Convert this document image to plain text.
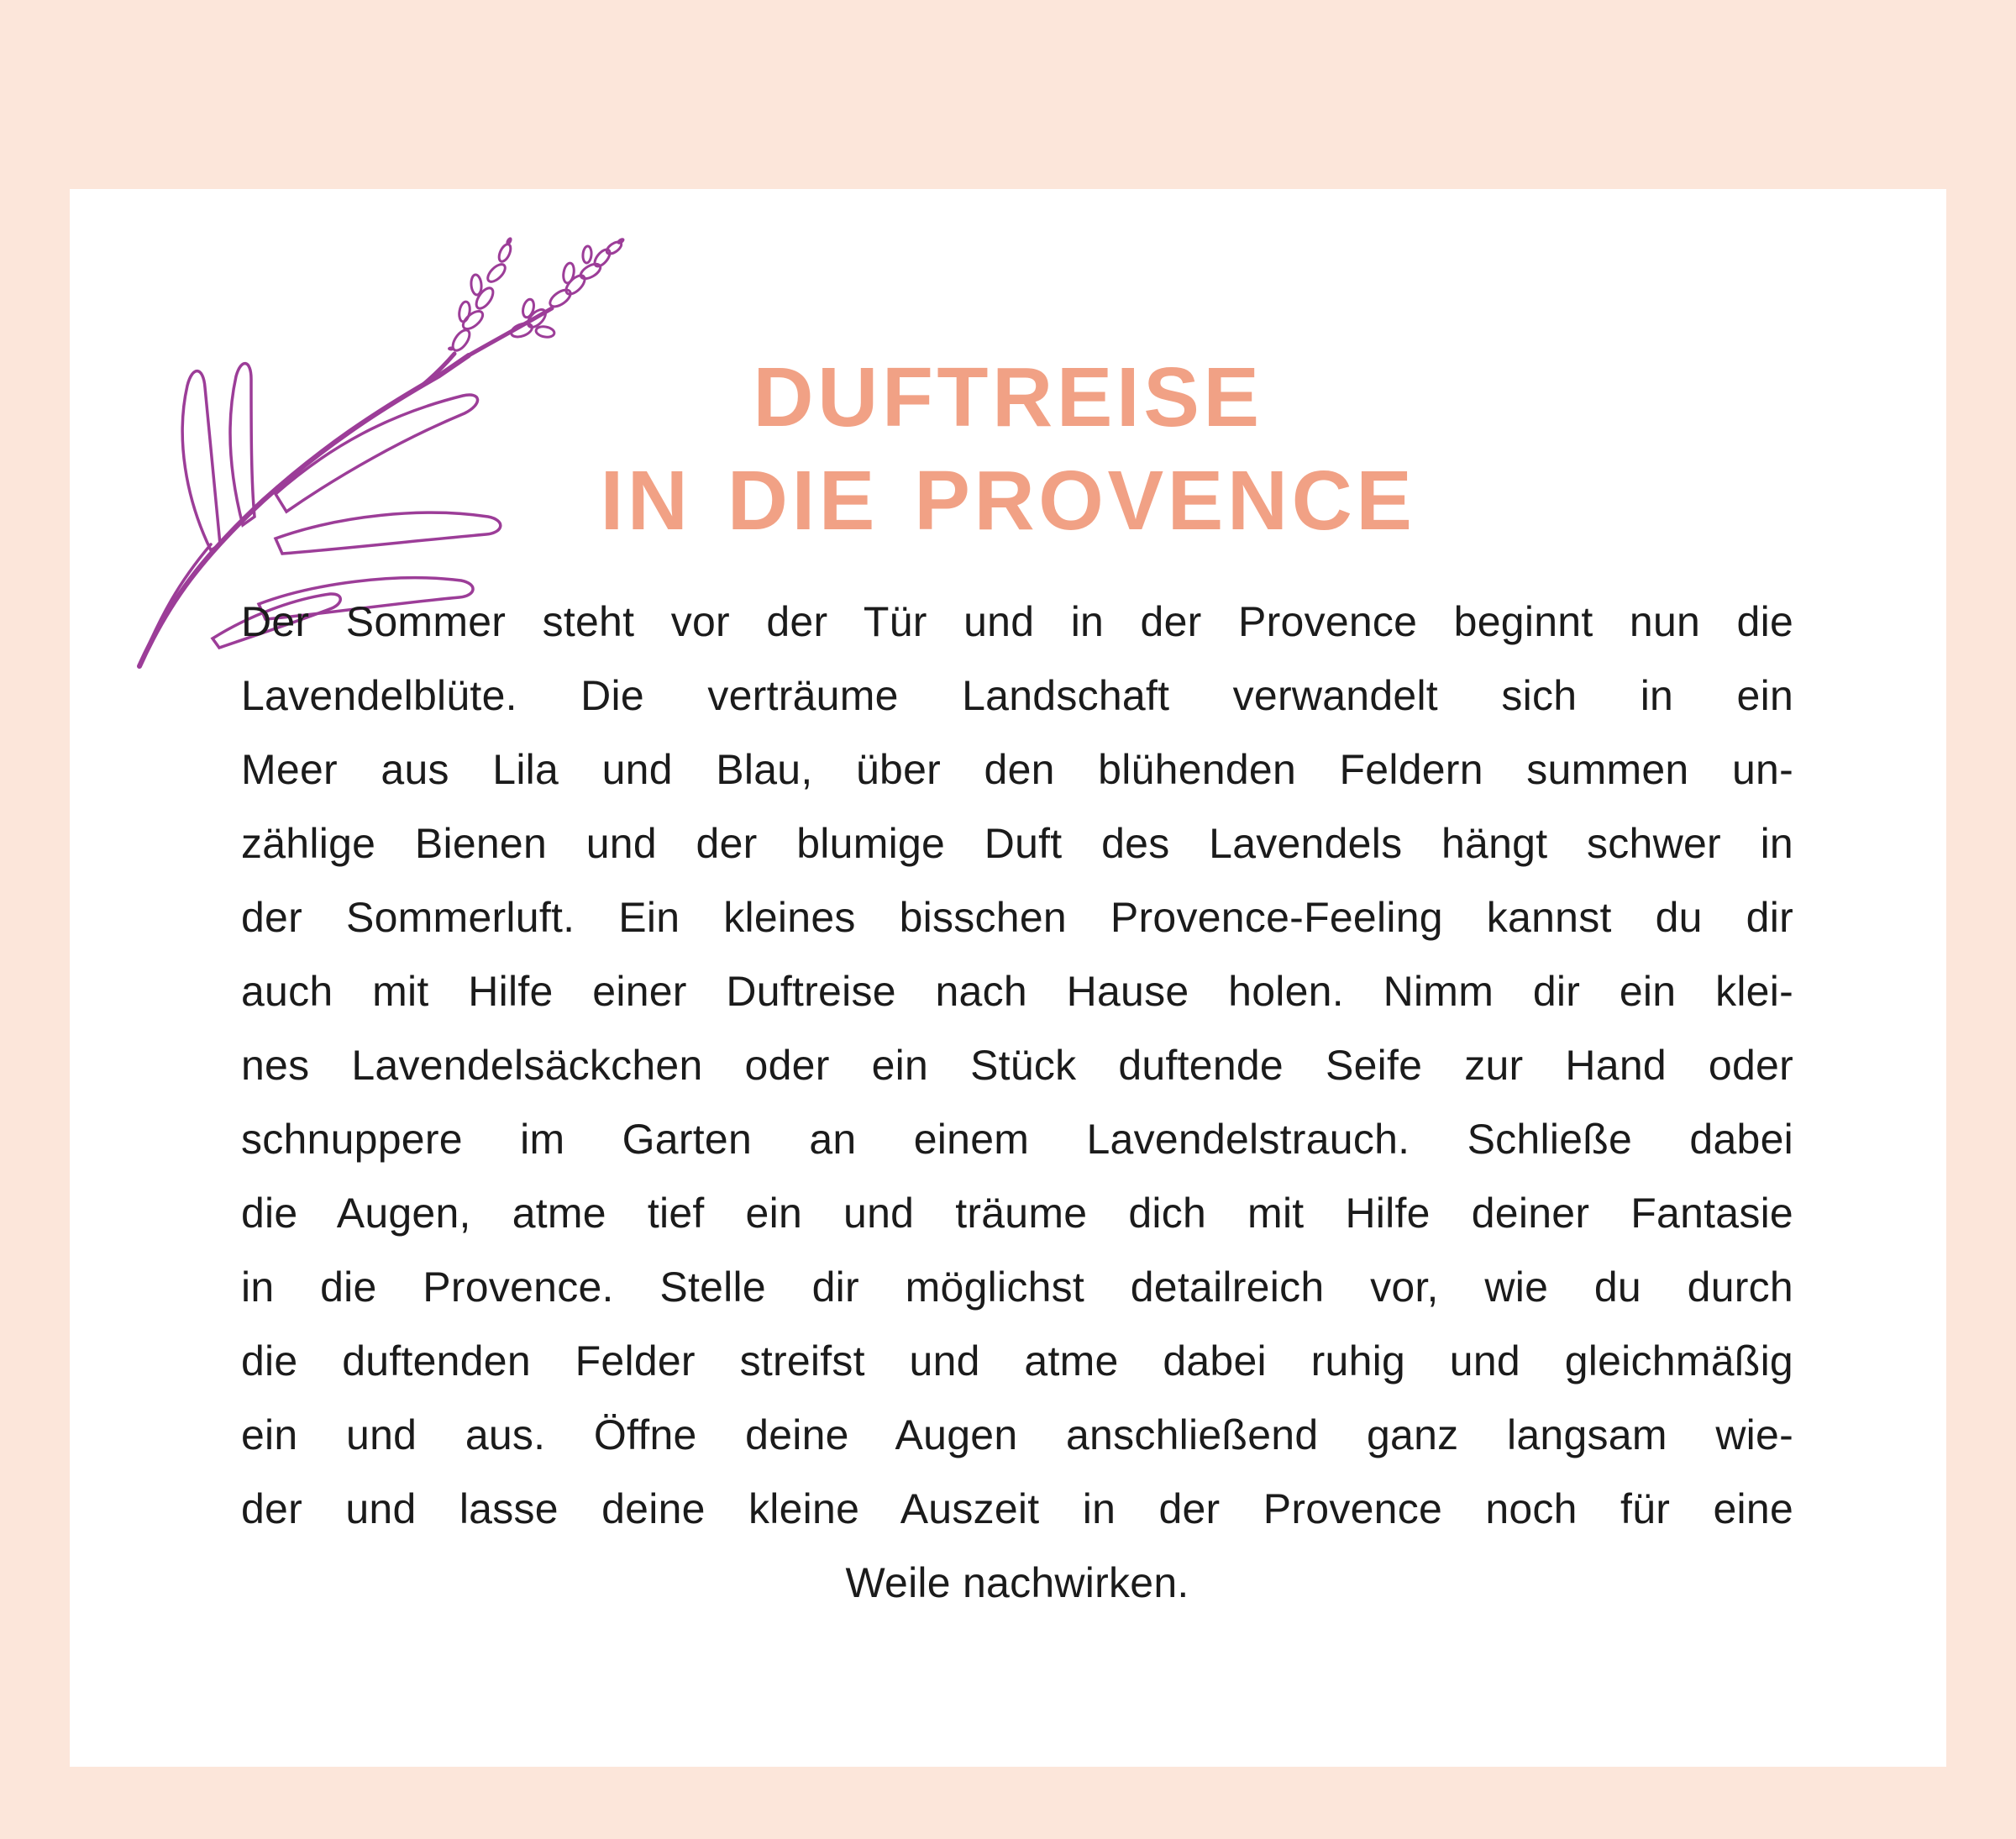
DUFTREISE
IN DIE PROVENCE
Der Sommer steht vor der Tür und in der Provence beginnt nun die
Lavendelblüte. Die verträume Landschaft verwandelt sich in ein
Meer aus Lila und Blau, über den blühenden Feldern summen un-
zählige Bienen und der blumige Duft des Lavendels hängt schwer in
der Sommerluft. Ein kleines bisschen Provence-Feeling kannst du dir
auch mit Hilfe einer Duftreise nach Hause holen. Nimm dir ein klei-
nes Lavendelsäckchen oder ein Stück duftende Seife zur Hand oder
schnuppere im Garten an einem Lavendelstrauch. Schließe dabei
die Augen, atme tief ein und träume dich mit Hilfe deiner Fantasie
in die Provence. Stelle dir möglichst detailreich vor, wie du durch
die duftenden Felder streifst und atme dabei ruhig und gleichmäßig
ein und aus. Öffne deine Augen anschließend ganz langsam wie-
der und lasse deine kleine Auszeit in der Provence noch für eine
Weile nachwirken.
